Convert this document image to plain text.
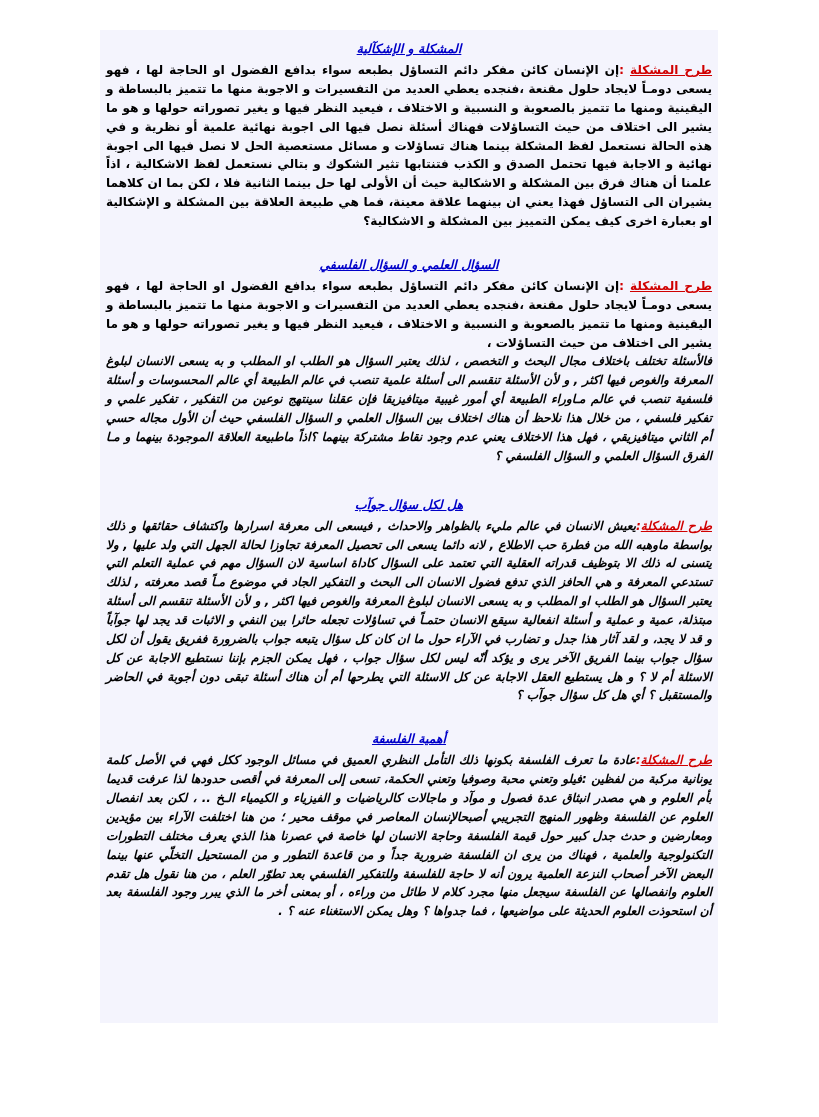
المشكلة و الإشكآلية

طرح المشكلة :إن الإنسان كائن مفكر دائم التساؤل بطبعه سواء بدافع الفضول او الحاجة لها ، فهو يسعى دومـاً لايجاد حلول مقنعة ،فنجده يعطي العديد من التفسيرات و الاجوبة منها ما تتميز بالبساطة و اليقينية ومنها ما تتميز بالصعوبة و النسبية و الاختلاف ، فيعيد النظر فيها و يغير تصوراته حولها و هو ما يشير الى اختلاف من حيث التساؤلات فهناك أسئلة نصل فيها الى اجوبة نهائية علمية أو نظرية و في هذه الحالة نستعمل لفظ المشكلة بينما هناك تساؤلات و مسائل مستعصية الحل لا نصل فيها الى اجوبة نهائية و الاجابة فيها تحتمل الصدق و الكذب فتنتابها تثير الشكوك و بتالي نستعمل لفظ الاشكالية ، اذاً علمنا أن هناك فرق بين المشكلة و الاشكالية حيث أن الأولى لها حل بينما الثانية فلا ، لكن بما ان كلاهما يشيران الى التساؤل فهذا يعني ان بينهما علاقة معينة، فما هي طبيعة العلاقة بين المشكلة و الإشكالية او بعبارة اخرى كيف يمكن التمييز بين المشكلة و الاشكالية؟

السؤال العلمي و السؤال الفلسفي

طرح المشكلة :إن الإنسان كائن مفكر دائم التساؤل بطبعه سواء بدافع الفضول او الحاجة لها ، فهو يسعى دومـاً لايجاد حلول مقنعة ،فنجده يعطي العديد من التفسيرات و الاجوبة منها ما تتميز بالبساطة و اليقينية ومنها ما تتميز بالصعوبة و النسبية و الاختلاف ، فيعيد النظر فيها و يغير تصوراته حولها و هو ما يشير الى اختلاف من حيث التساؤلات ،

فالأسئلة تختلف باختلاف مجال البحث و التخصص ، لذلك يعتبر السؤال هو الطلب او المطلب و به يسعى الانسان لبلوغ المعرفة والغوص فيها اكثر , و لأن الأسئلة تنقسم الى أسئلة علمية تنصب في عالم الطبيعة أي عالم المحسوسات و أسئلة فلسفية تنصب في عالم مـاوراء الطبيعة أي أمور غيبية ميتافيزيقا فإن عقلنا سينتهج نوعين من التفكير ، تفكير علمي و تفكير فلسفي ، من خلال هذا نلاحظ أن هناك اختلاف بين السؤال العلمي و السؤال الفلسفي حيث أن الأول مجاله حسي أم الثاني ميتافيزيقي ، فهل هذا الاختلاف يعني عدم وجود نقاط مشتركة بينهما ؟اذاً ماطبيعة العلاقة الموجودة بينهما و مـا الفرق السؤال العلمي و السؤال الفلسفي ؟

هل لكل سؤال جوآب

طرح المشكلة:يعيش الانسان في عالم مليء بالظواهر والاحداث , فيسعى الى معرفة اسرارها واكتشاف حقائقها و ذلك بواسطة ماوهبه الله من فطرة حب الاطلاع , لانه دائما يسعى الى تحصيل المعرفة تجاوزا لحالة الجهل التي ولد عليها , ولا يتسنى له ذلك الا بتوظيف قدراته العقلية التي تعتمد على السؤال كاداة اساسية لان السؤال مهم في عملية التعلم التي تستدعي المعرفة و هي الحافز الذي تدفع فضول الانسان الى البحث و التفكير الجاد في موضوع مـاً قصد معرفته , لذلك يعتبر السؤال هو الطلب او المطلب و به يسعى الانسان لبلوغ المعرفة والغوص فيها اكثر , و لأن الأسئلة تنقسم الى أسئلة مبتذلة، عمية و عملية و أسئلة انفعالية سيقع الانسان حتمـاً في تساؤلات تجعله حائرا بين النفي و الاثبات قد يجد لها جوآباً و قد لا يجد، و لقد آثار هذا جدل و تضارب في الآراء حول ما ان كان كل سؤال يتبعه جواب بالضرورة ففريق يقول أن لكل سؤال جواب بينما الفريق الآخر يرى و يؤكد أنّه ليس لكل سؤال جواب ، فهل يمكن الجزم بإننا نستطيع الاجابة عن كل الاسئلة أم لا ؟ و هل يستطيع العقل الاجابة عن كل الاسئلة التي يطرحها أم أن هناك أسئلة تبقى دون أجوبة في الحاضر والمستقبل ؟ أي هل كل سؤال جوآب ؟

أهمية الفلسفة

طرح المشكلة:عادة ما تعرف الفلسفة بكونها ذلك التأمل النظري العميق في مسائل الوجود ككل فهي في الأصل كلمة يونانية مركبة من لفظين :فيلو وتعني محبة وصوفيا وتعني الحكمة، تسعى إلى المعرفة في أقصى حدودها لذا عرفت قديما بأم العلوم و هي مصدر انبثاق عدة فصول و موآد و ماجالات كالرياضيات و الفيزياء و الكيمياء الـخ .. ، لكن بعد انفصال العلوم عن الفلسفة وظهور المنهج التجريبي أصبحالإنسان المعاصر في موقف محير ؛ من هنا اختلفت الآراء بين مؤيدين ومعارضين و حدث جدل كبير حول قيمة الفلسفة وحاجة الانسان لها خاصة في عصرنا هذا الذي يعرف مختلف التطورات التكنولوجية والعلمية ، فهناك من يرى ان الفلسفة ضرورية جداً و من قاعدة التطور و من المستحيل التخلّي عنها بينما البعض الآخر أصحاب النزعة العلمية يرون أنه لا حاجة للفلسفة وللتفكير الفلسفي بعد تطوّر العلم ، من هنا نقول هل تقدم العلوم وانفصالها عن الفلسفة سيجعل منها مجرد كلام لا طائل من وراءه ، أو بمعنى أخر ما الذي يبرر وجود الفلسفة بعد أن استحوذت العلوم الحديثة على مواضيعها ، فما جدواها ؟ وهل يمكن الاستغناء عنه ؟ .
